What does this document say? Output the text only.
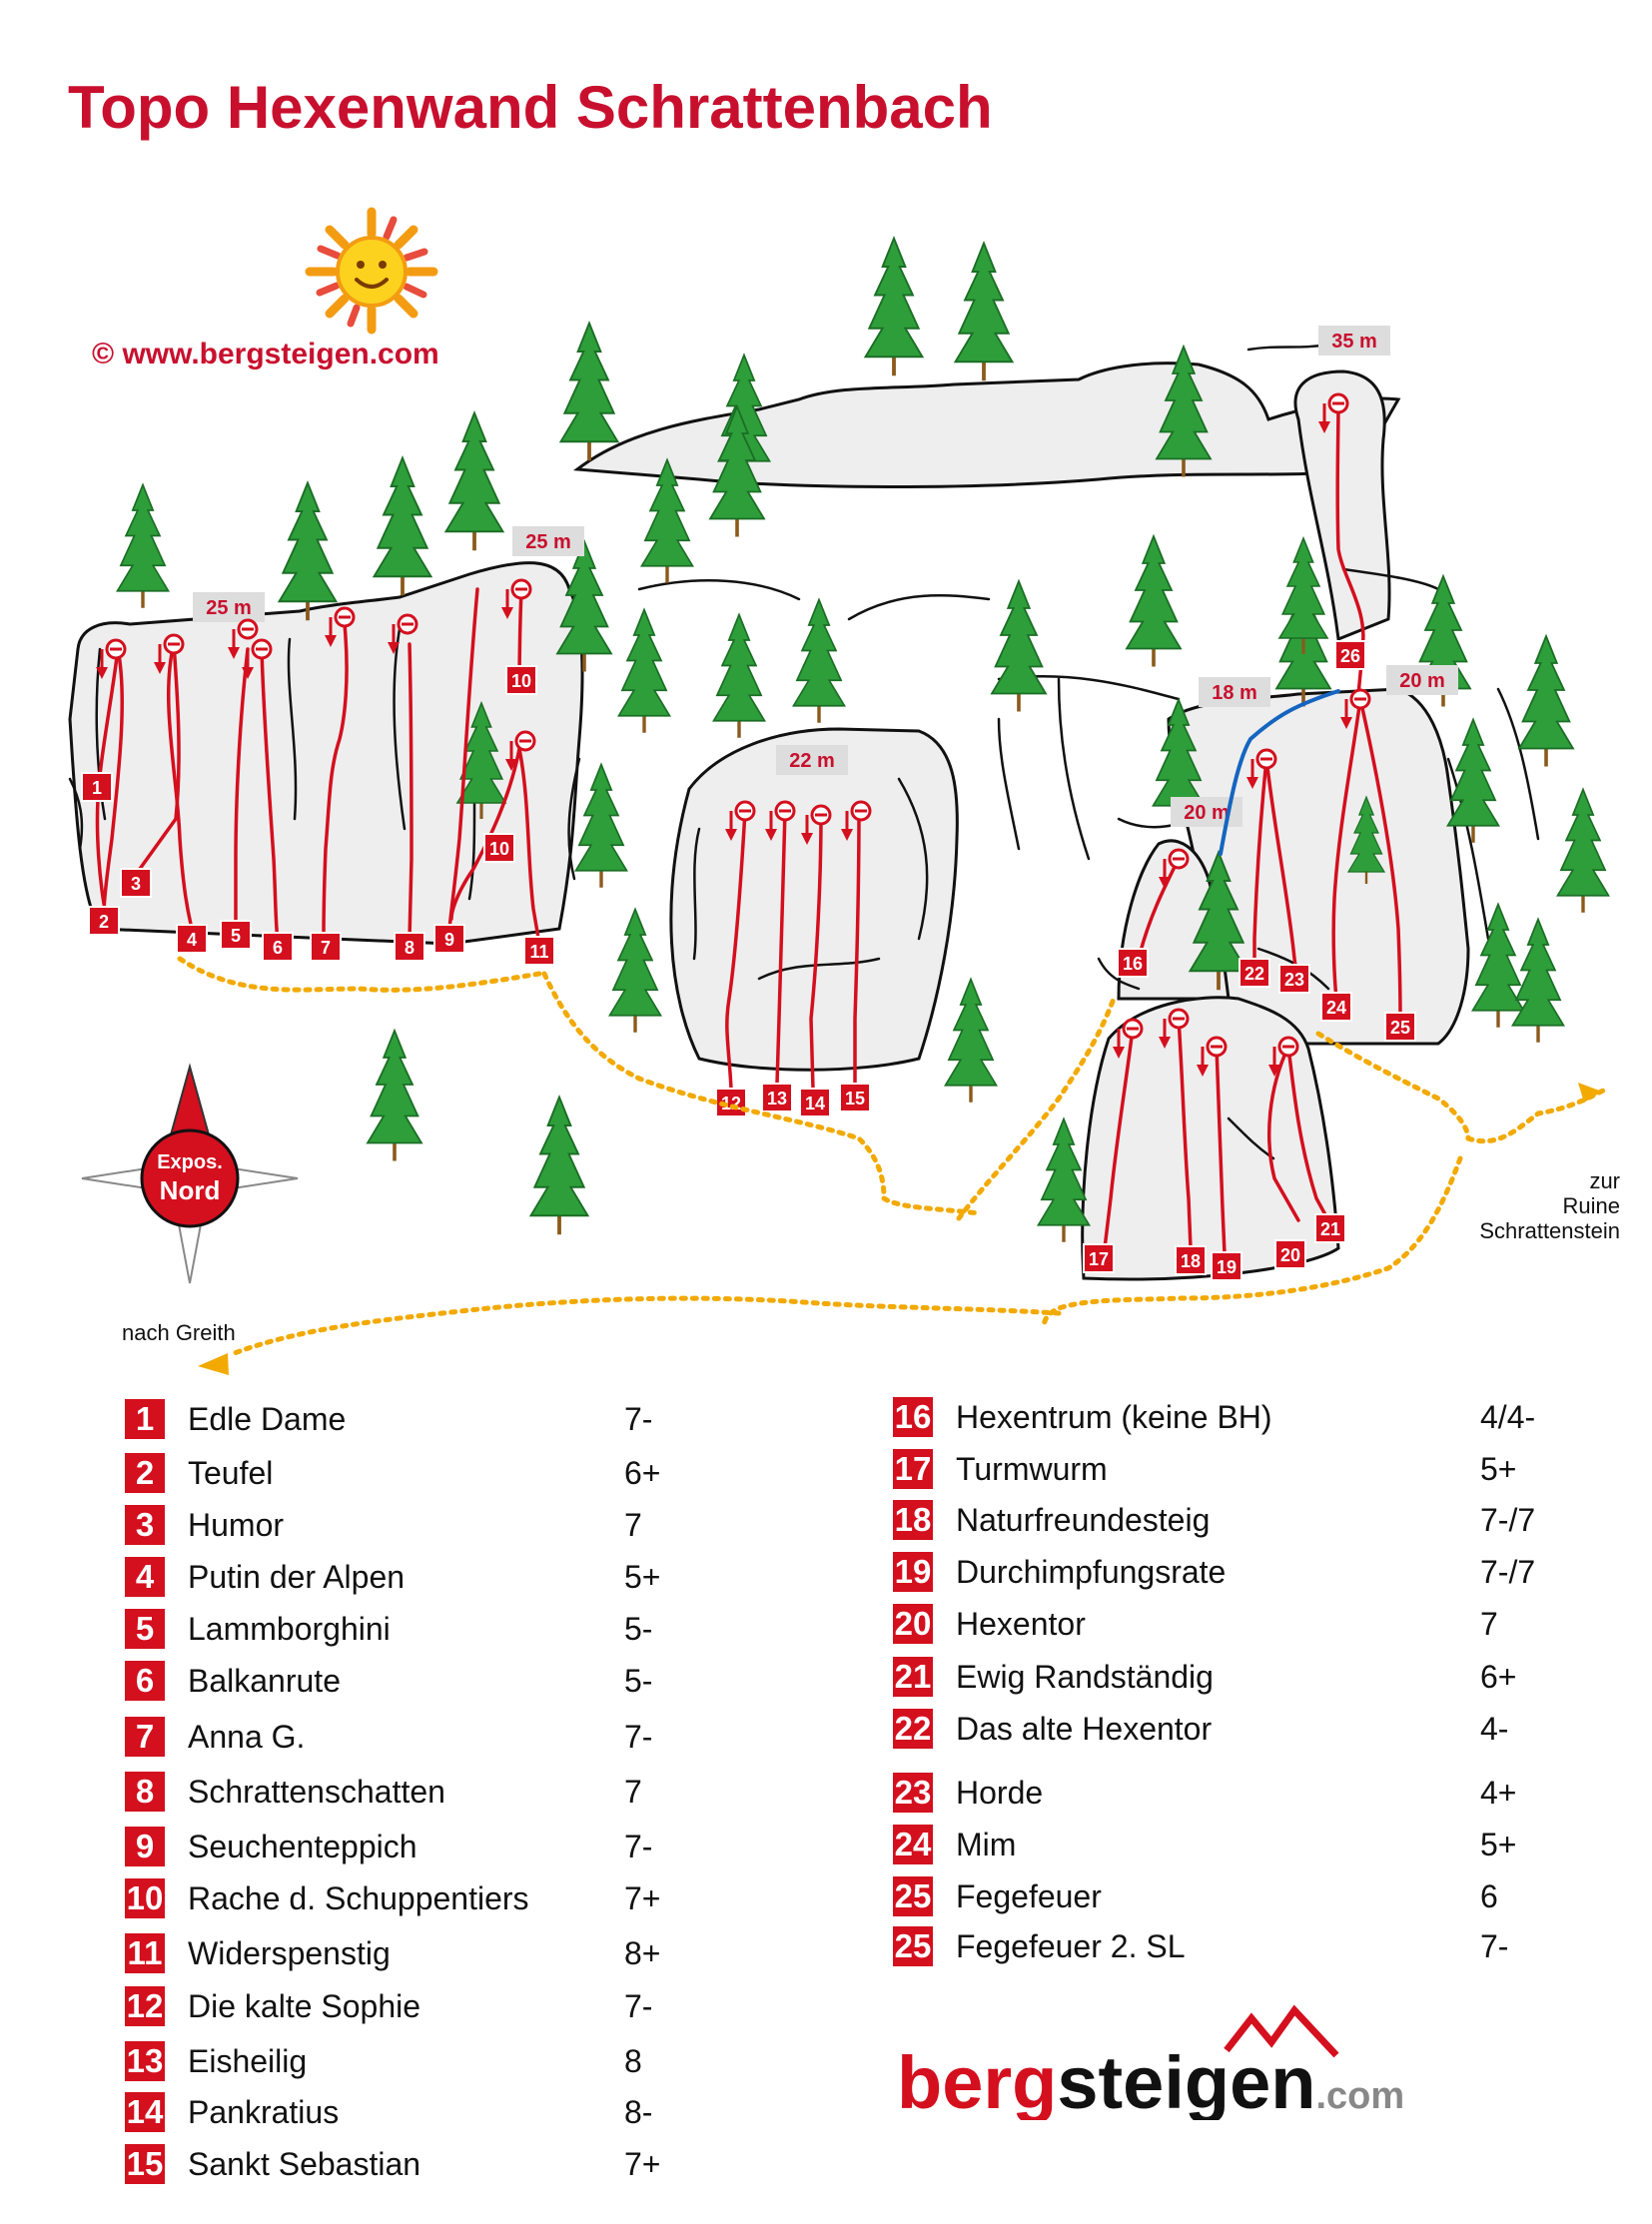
Topo Hexenwand Schrattenbach
© www.bergsteigen.com
25 m
25 m
22 m
35 m
18 m
20 m
20 m
1
2
3
4 5
6 7	8 9
10
10
11
12 13 14 15
16
17	18 19
20
21
22 23
24
25
26
nach Greith
zur
Ruine
Schrattenstein
Expos.
Nord
1	Edle Dame	7-
2	Teufel	6+
3	Humor	7
4	Putin der Alpen	5+
5	Lammborghini	5-
6	Balkanrute	5-
7	Anna G.	7-
8	Schrattenschatten	7
9	Seuchenteppich	7-
10 Rache d. Schuppentiers	7+
11 Widerspenstig	8+
12 Die kalte Sophie	7-
13 Eisheilig	8
14 Pankratius	8-
15 Sankt Sebastian	7+
16 Hexentrum (keine BH)	4/4-
17 Turmwurm	5+
18 Naturfreundesteig	7-/7
19 Durchimpfungsrate	7-/7
20 Hexentor	7
21 Ewig Randständig	6+
22 Das alte Hexentor	4-
23 Horde	4+
24 Mim	5+
25 Fegefeuer	6
25 Fegefeuer 2. SL	7-
bergsteigen.com
